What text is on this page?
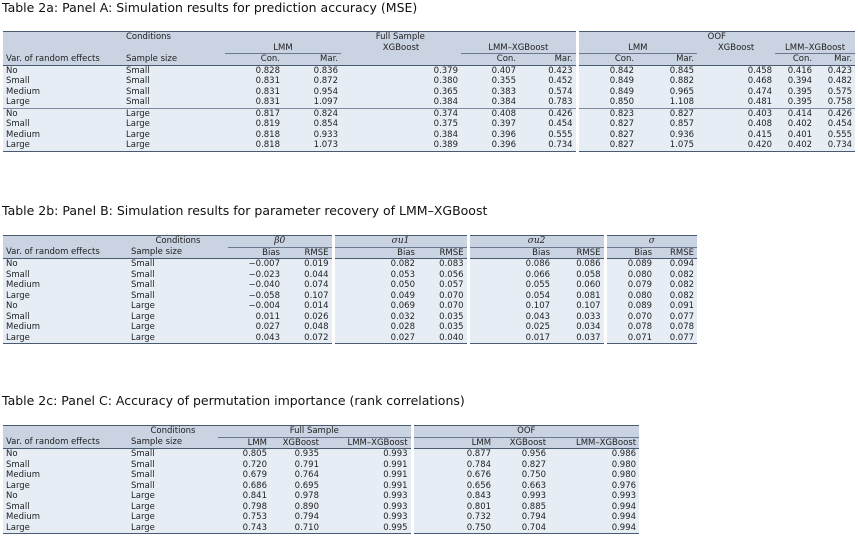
Table 2a: Panel A: Simulation results for prediction accuracy (MSE)
	Conditions	Full Sample					OOF				
		LMM		XGBoost	LMM–XGBoost		LMM		XGBoost	LMM–XGBoost	
Var. of random effects	Sample size	Con.	Mar.		Con.	Mar.	Con.	Mar.		Con.	Mar.
No	Small	0.828	0.836	0.379	0.407	0.423	0.842	0.845	0.458	0.416	0.423
Small	Small	0.831	0.872	0.380	0.355	0.452	0.849	0.882	0.468	0.394	0.482
Medium	Small	0.831	0.954	0.365	0.383	0.574	0.849	0.965	0.474	0.395	0.575
Large	Small	0.831	1.097	0.384	0.384	0.783	0.850	1.108	0.481	0.395	0.758
No	Large	0.817	0.824	0.374	0.408	0.426	0.823	0.827	0.403	0.414	0.426
Small	Large	0.819	0.854	0.375	0.397	0.454	0.827	0.857	0.408	0.402	0.454
Medium	Large	0.818	0.933	0.384	0.396	0.555	0.827	0.936	0.415	0.401	0.555
Large	Large	0.818	1.073	0.389	0.396	0.734	0.827	1.075	0.420	0.402	0.734
Table 2b: Panel B: Simulation results for parameter recovery of LMM–XGBoost
	Conditions	β0		σu1		σu2		σ	
Var. of random effects	Sample size	Bias	RMSE	Bias	RMSE	Bias	RMSE	Bias	RMSE
No	Small	−0.007	0.019	0.082	0.083	0.086	0.086	0.089	0.094
Small	Small	−0.023	0.044	0.053	0.056	0.066	0.058	0.080	0.082
Medium	Small	−0.040	0.074	0.050	0.057	0.055	0.060	0.079	0.082
Large	Small	−0.058	0.107	0.049	0.070	0.054	0.081	0.080	0.082
No	Large	−0.004	0.014	0.069	0.070	0.107	0.107	0.089	0.091
Small	Large	0.011	0.026	0.032	0.035	0.043	0.033	0.070	0.077
Medium	Large	0.027	0.048	0.028	0.035	0.025	0.034	0.078	0.078
Large	Large	0.043	0.072	0.027	0.040	0.017	0.037	0.071	0.077
Table 2c: Panel C: Accuracy of permutation importance (rank correlations)
	Conditions	Full Sample			OOF		
Var. of random effects	Sample size	LMM	XGBoost	LMM–XGBoost	LMM	XGBoost	LMM–XGBoost
No	Small	0.805	0.935	0.993	0.877	0.956	0.986
Small	Small	0.720	0.791	0.991	0.784	0.827	0.980
Medium	Small	0.679	0.764	0.991	0.676	0.750	0.980
Large	Small	0.686	0.695	0.991	0.656	0.663	0.976
No	Large	0.841	0.978	0.993	0.843	0.993	0.993
Small	Large	0.798	0.890	0.993	0.801	0.885	0.994
Medium	Large	0.753	0.794	0.993	0.732	0.794	0.994
Large	Large	0.743	0.710	0.995	0.750	0.704	0.994
